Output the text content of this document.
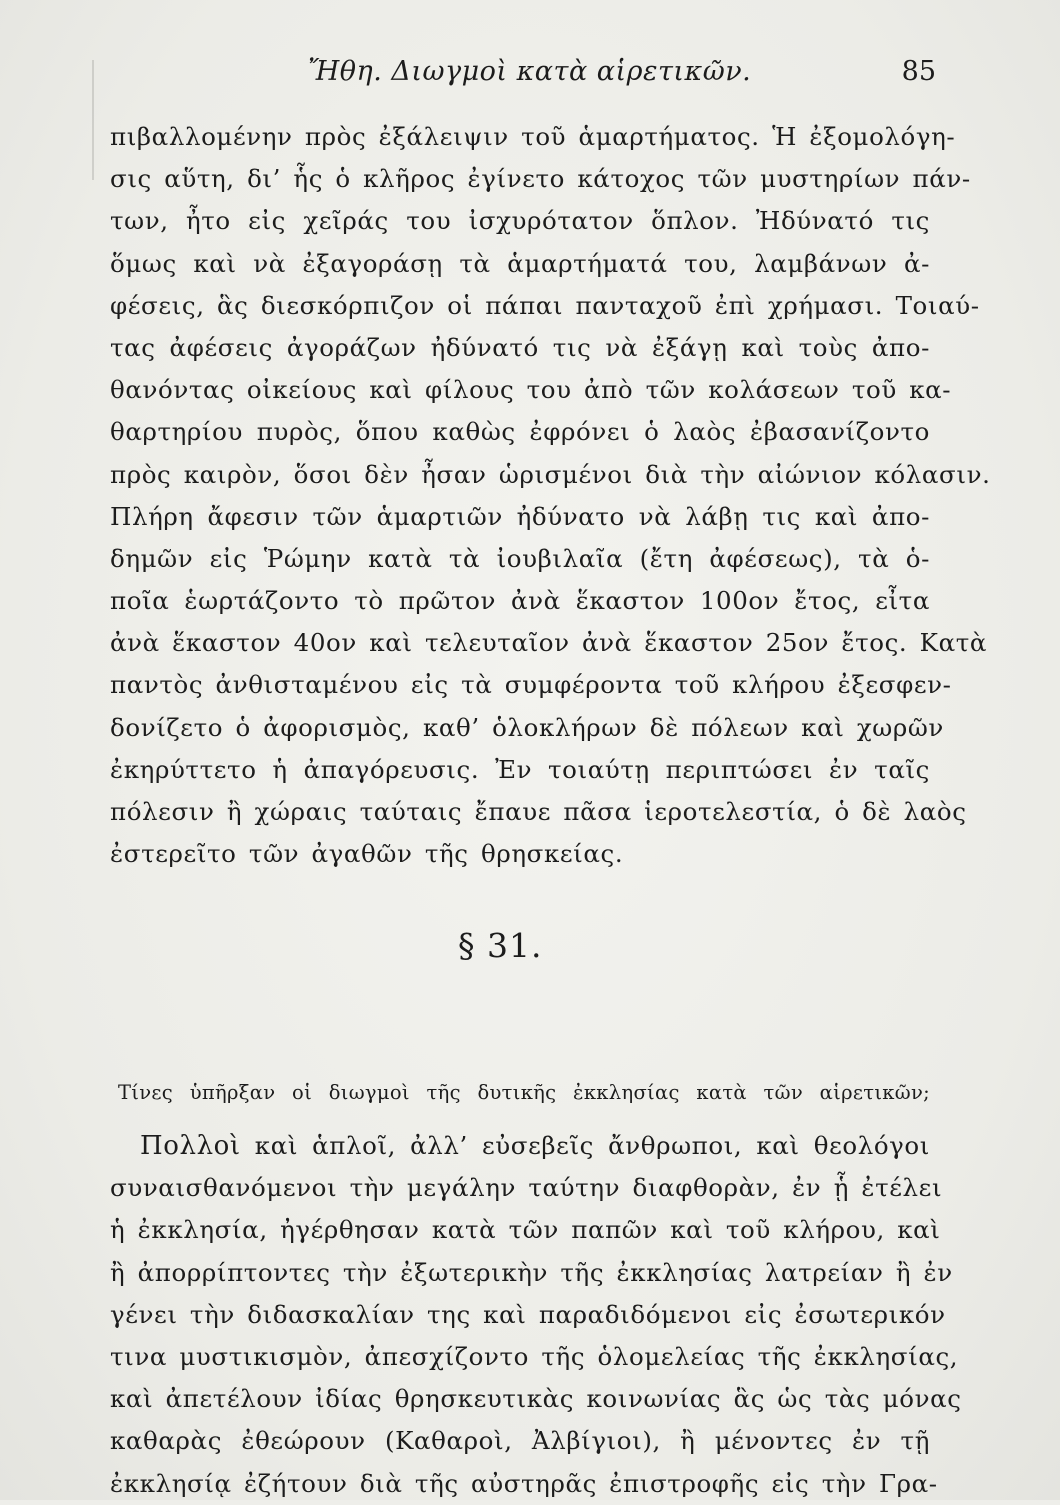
Ἤθη. Διωγμοὶ κατὰ αἱρετικῶν.	85
πιβαλλομένην πρὸς ἐξάλειψιν τοῦ ἁμαρτήματος. Ἡ ἐξομολόγη-
σις αὕτη, δι’ ἧς ὁ κλῆρος ἐγίνετο κάτοχος τῶν μυστηρίων πάν-
των, ἦτο εἰς χεῖράς του ἰσχυρότατον ὅπλον. Ἠδύνατό τις
ὅμως καὶ νὰ ἐξαγοράσῃ τὰ ἁμαρτήματά του, λαμβάνων ἀ-
φέσεις, ἃς διεσκόρπιζον οἱ πάπαι πανταχοῦ ἐπὶ χρήμασι. Τοιαύ-
τας ἀφέσεις ἀγοράζων ἠδύνατό τις νὰ ἐξάγῃ καὶ τοὺς ἀπο-
θανόντας οἰκείους καὶ φίλους του ἀπὸ τῶν κολάσεων τοῦ κα-
θαρτηρίου πυρὸς, ὅπου καθὼς ἐφρόνει ὁ λαὸς ἐβασανίζοντο
πρὸς καιρὸν, ὅσοι δὲν ἦσαν ὡρισμένοι διὰ τὴν αἰώνιον κόλασιν.
Πλήρη ἄφεσιν τῶν ἁμαρτιῶν ἠδύνατο νὰ λάβῃ τις καὶ ἀπο-
δημῶν εἰς Ῥώμην κατὰ τὰ ἰουβιλαῖα (ἔτη ἀφέσεως), τὰ ὁ-
ποῖα ἑωρτάζοντο τὸ πρῶτον ἀνὰ ἕκαστον 100ον ἔτος, εἶτα
ἀνὰ ἕκαστον 40ον καὶ τελευταῖον ἀνὰ ἕκαστον 25ον ἔτος. Κατὰ
παντὸς ἀνθισταμένου εἰς τὰ συμφέροντα τοῦ κλήρου ἐξεσφεν-
δονίζετο ὁ ἀφορισμὸς, καθ’ ὁλοκλήρων δὲ πόλεων καὶ χωρῶν
ἐκηρύττετο ἡ ἀπαγόρευσις. Ἐν τοιαύτῃ περιπτώσει ἐν ταῖς
πόλεσιν ἢ χώραις ταύταις ἔπαυε πᾶσα ἱεροτελεστία, ὁ δὲ λαὸς
ἐστερεῖτο τῶν ἀγαθῶν τῆς θρησκείας.
§ 31.
Τίνες ὑπῆρξαν οἱ διωγμοὶ τῆς δυτικῆς ἐκκλησίας κατὰ τῶν αἱρετικῶν;
Πολλοὶ καὶ ἁπλοῖ, ἀλλ’ εὐσεβεῖς ἄνθρωποι, καὶ θεολόγοι
συναισθανόμενοι τὴν μεγάλην ταύτην διαφθορὰν, ἐν ᾗ ἐτέλει
ἡ ἐκκλησία, ἠγέρθησαν κατὰ τῶν παπῶν καὶ τοῦ κλήρου, καὶ
ἢ ἀπορρίπτοντες τὴν ἐξωτερικὴν τῆς ἐκκλησίας λατρείαν ἢ ἐν
γένει τὴν διδασκαλίαν της καὶ παραδιδόμενοι εἰς ἐσωτερικόν
τινα μυστικισμὸν, ἀπεσχίζοντο τῆς ὁλομελείας τῆς ἐκκλησίας,
καὶ ἀπετέλουν ἰδίας θρησκευτικὰς κοινωνίας ἃς ὡς τὰς μόνας
καθαρὰς ἐθεώρουν (Καθαροὶ, Ἀλβίγιοι), ἢ μένοντες ἐν τῇ
ἐκκλησίᾳ ἐζήτουν διὰ τῆς αὐστηρᾶς ἐπιστροφῆς εἰς τὴν Γρα-
